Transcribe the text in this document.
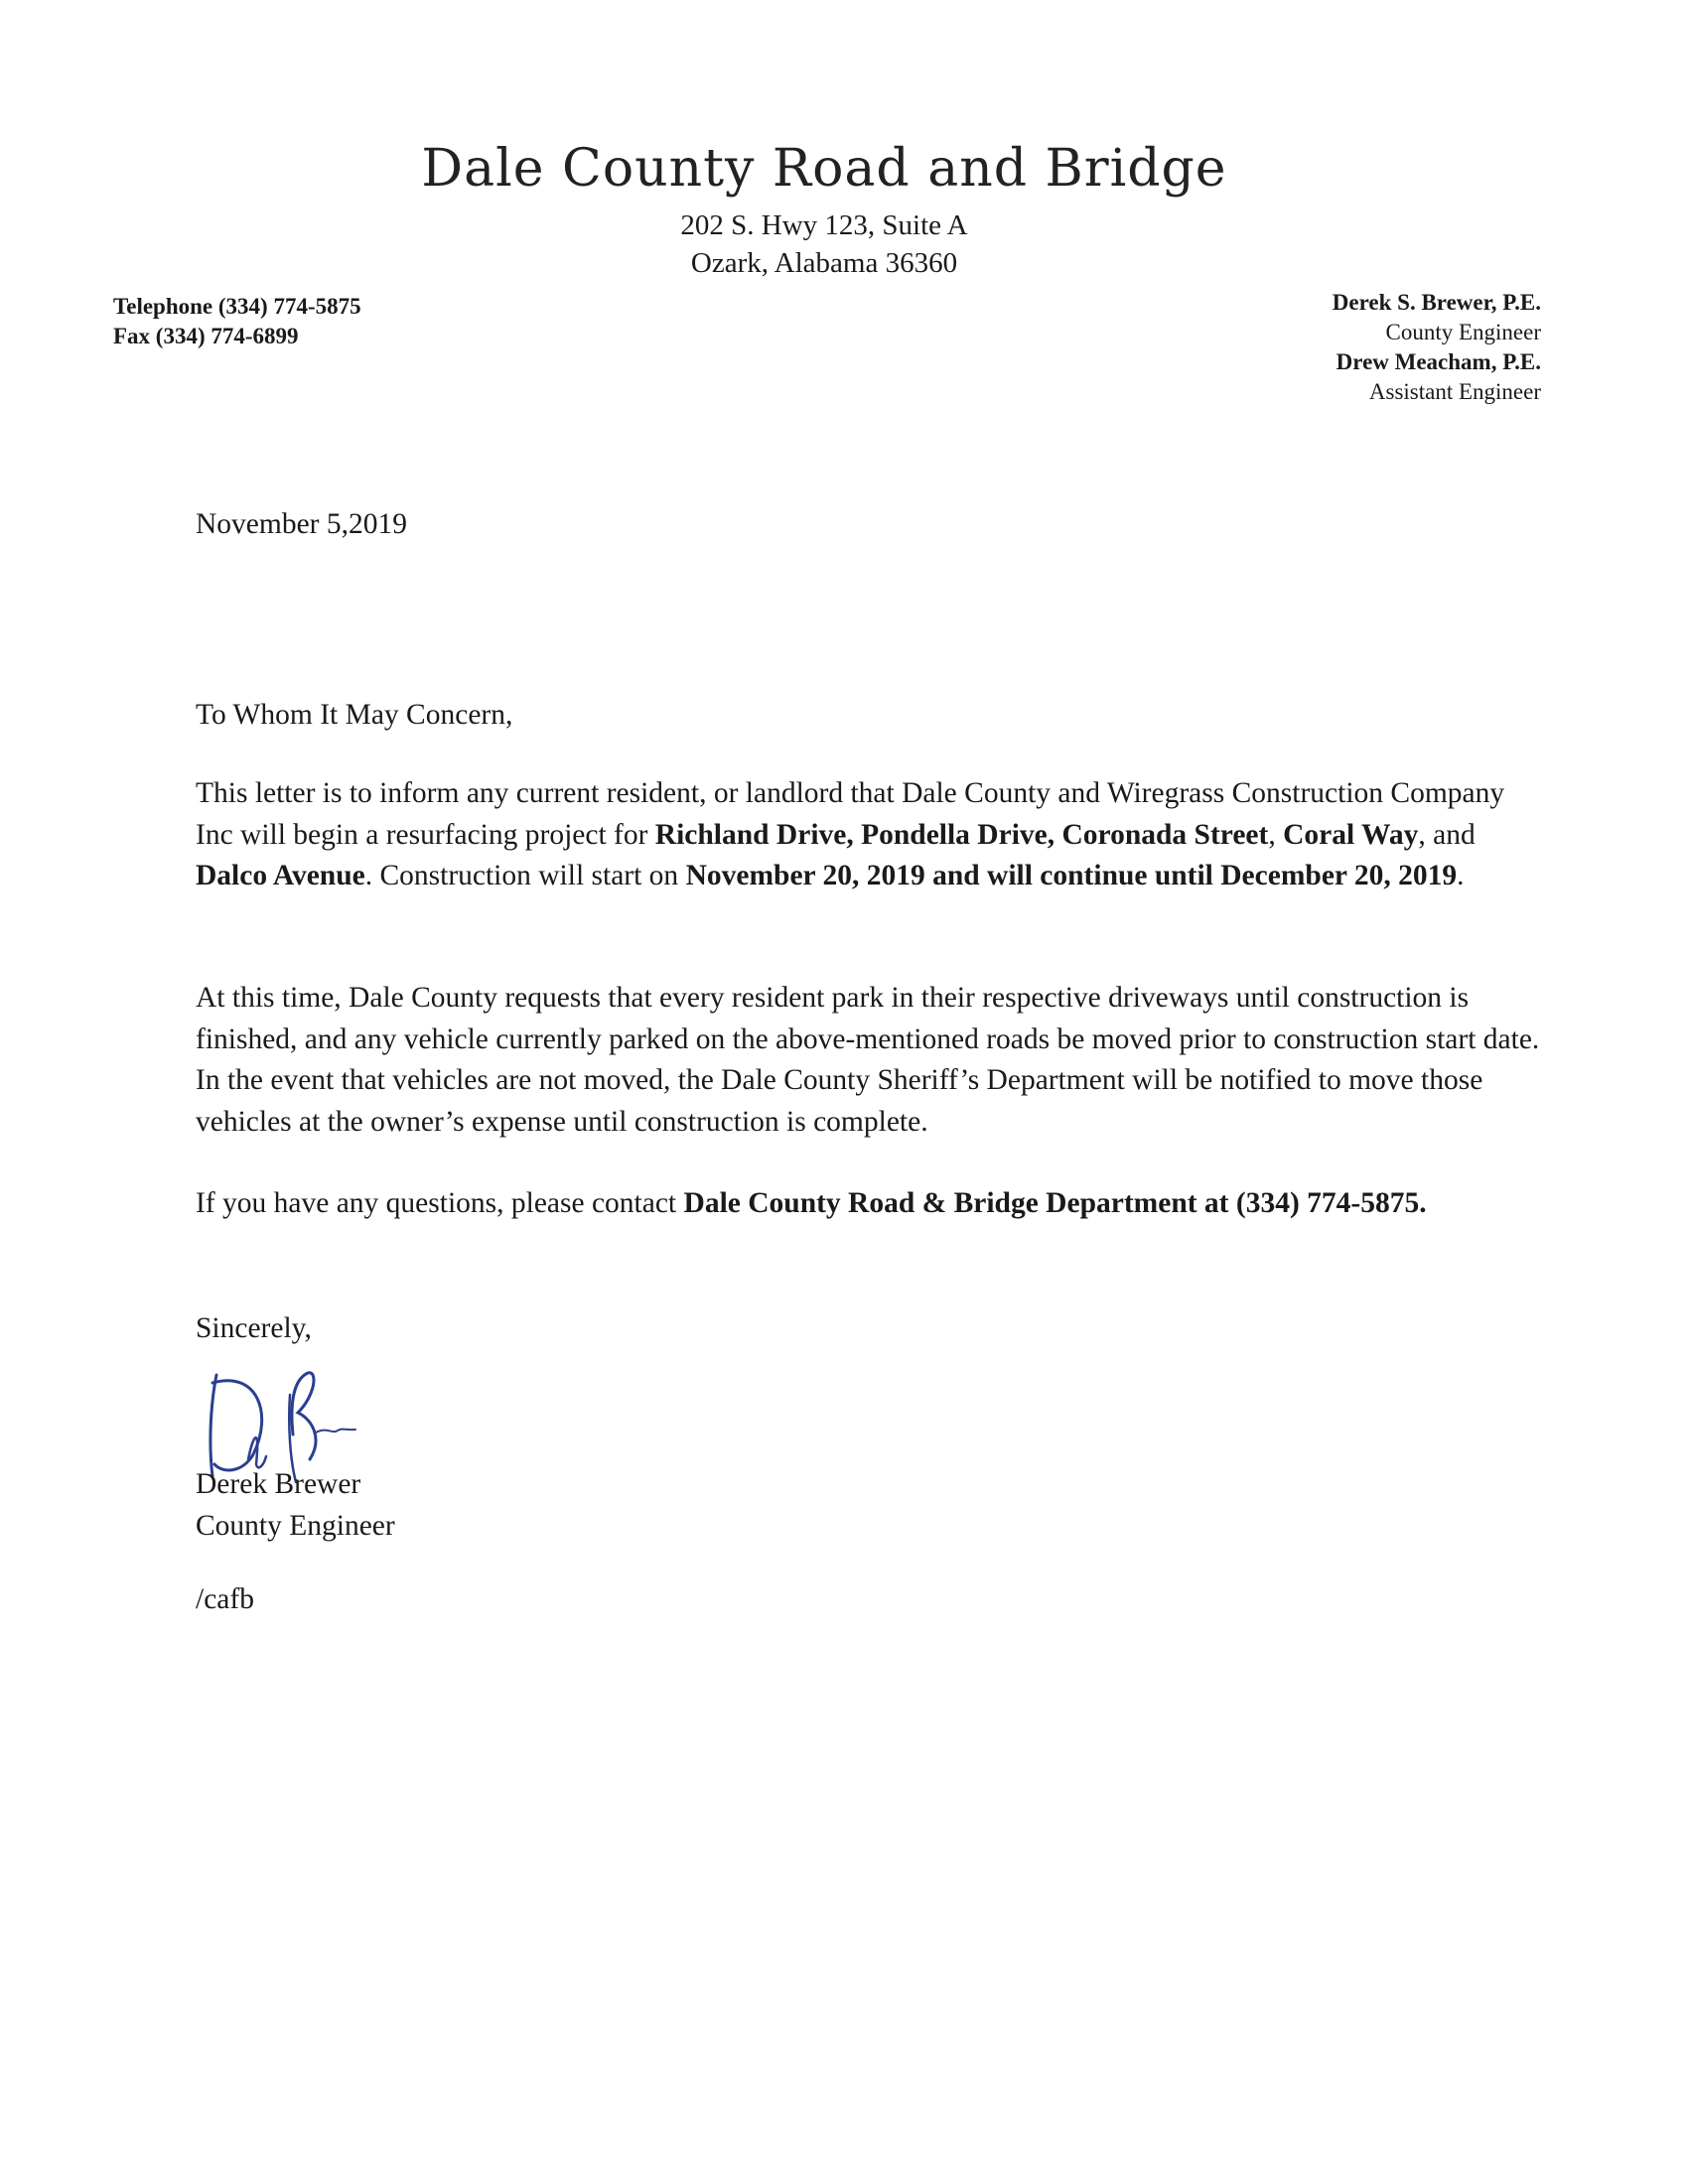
Dale County Road and Bridge
202 S. Hwy 123, Suite A
Ozark, Alabama 36360
Telephone (334) 774-5875
Fax (334) 774-6899
Derek S. Brewer, P.E.
County Engineer
Drew Meacham, P.E.
Assistant Engineer
November 5,2019
To Whom It May Concern,

This letter is to inform any current resident, or landlord that Dale County and Wiregrass Construction Company Inc will begin a resurfacing project for Richland Drive, Pondella Drive, Coronada Street, Coral Way, and Dalco Avenue. Construction will start on November 20, 2019 and will continue until December 20, 2019.

At this time, Dale County requests that every resident park in their respective driveways until construction is finished, and any vehicle currently parked on the above-mentioned roads be moved prior to construction start date. In the event that vehicles are not moved, the Dale County Sheriff’s Department will be notified to move those vehicles at the owner’s expense until construction is complete.

If you have any questions, please contact Dale County Road & Bridge Department at (334) 774-5875.

Sincerely,
Derek Brewer
County Engineer
/cafb
